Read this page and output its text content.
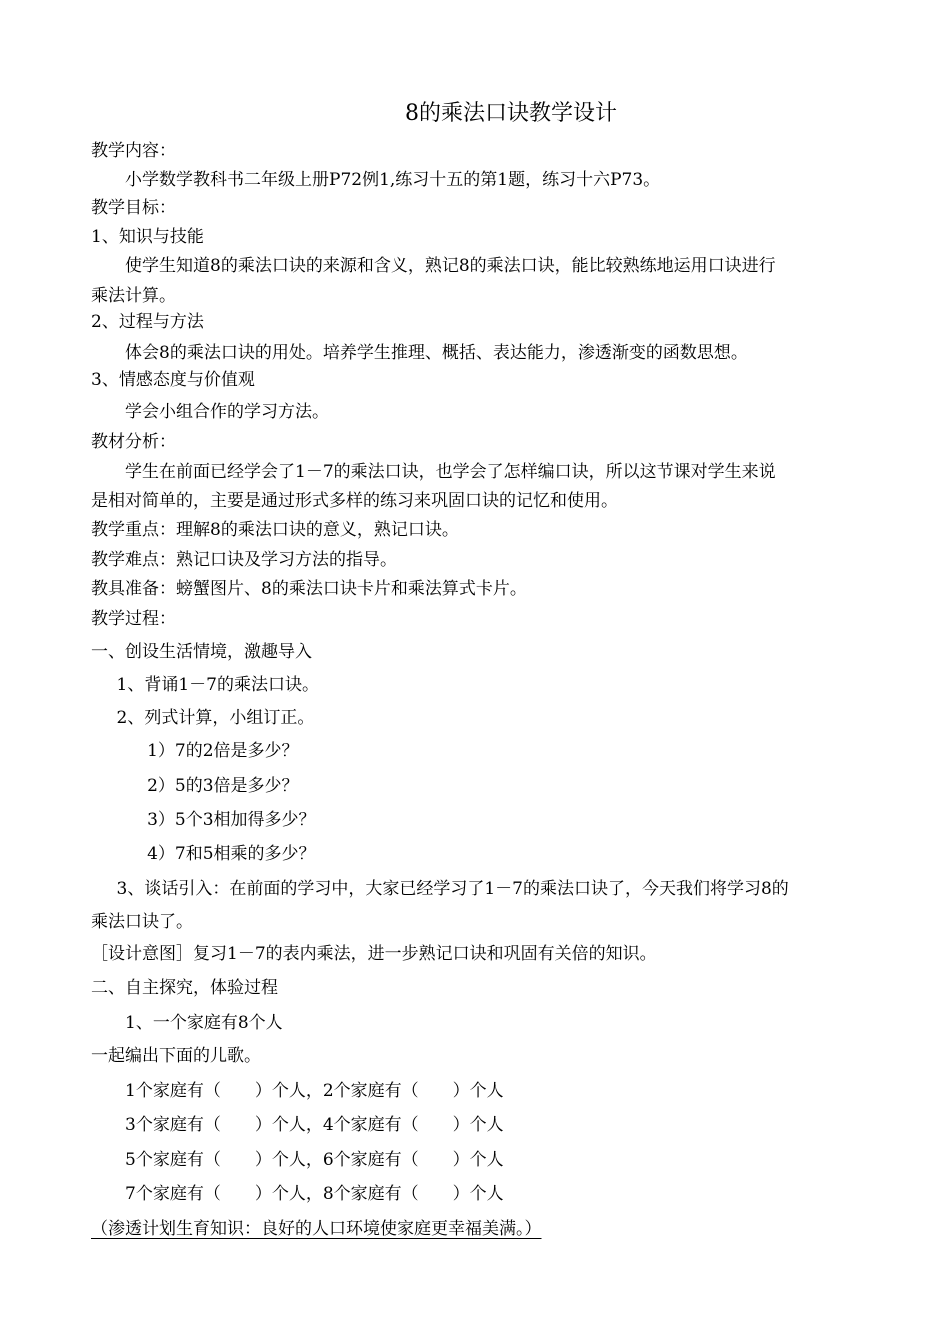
8的乘法口诀教学设计
教学内容：
小学数学教科书二年级上册P72例1,练习十五的第1题，练习十六P73。
教学目标：
1、知识与技能
使学生知道8的乘法口诀的来源和含义，熟记8的乘法口诀，能比较熟练地运用口诀进行
乘法计算。
2、过程与方法
体会8的乘法口诀的用处。培养学生推理、概括、表达能力，渗透渐变的函数思想。
3、情感态度与价值观
学会小组合作的学习方法。
教材分析：
学生在前面已经学会了1－7的乘法口诀，也学会了怎样编口诀，所以这节课对学生来说
是相对简单的，主要是通过形式多样的练习来巩固口诀的记忆和使用。
教学重点：理解8的乘法口诀的意义，熟记口诀。
教学难点：熟记口诀及学习方法的指导。
教具准备：螃蟹图片、8的乘法口诀卡片和乘法算式卡片。
教学过程：
一、创设生活情境，激趣导入
1、背诵1－7的乘法口诀。
2、列式计算，小组订正。
1）7的2倍是多少？
2）5的3倍是多少？
3）5个3相加得多少？
4）7和5相乘的多少？
3、谈话引入：在前面的学习中，大家已经学习了1－7的乘法口诀了，今天我们将学习8的
乘法口诀了。
［设计意图］复习1－7的表内乘法，进一步熟记口诀和巩固有关倍的知识。
二、自主探究，体验过程
1、一个家庭有8个人
一起编出下面的儿歌。
1个家庭有（　　）个人，2个家庭有（　　）个人
3个家庭有（　　）个人，4个家庭有（　　）个人
5个家庭有（　　）个人，6个家庭有（　　）个人
7个家庭有（　　）个人，8个家庭有（　　）个人
（渗透计划生育知识：良好的人口环境使家庭更幸福美满。）
